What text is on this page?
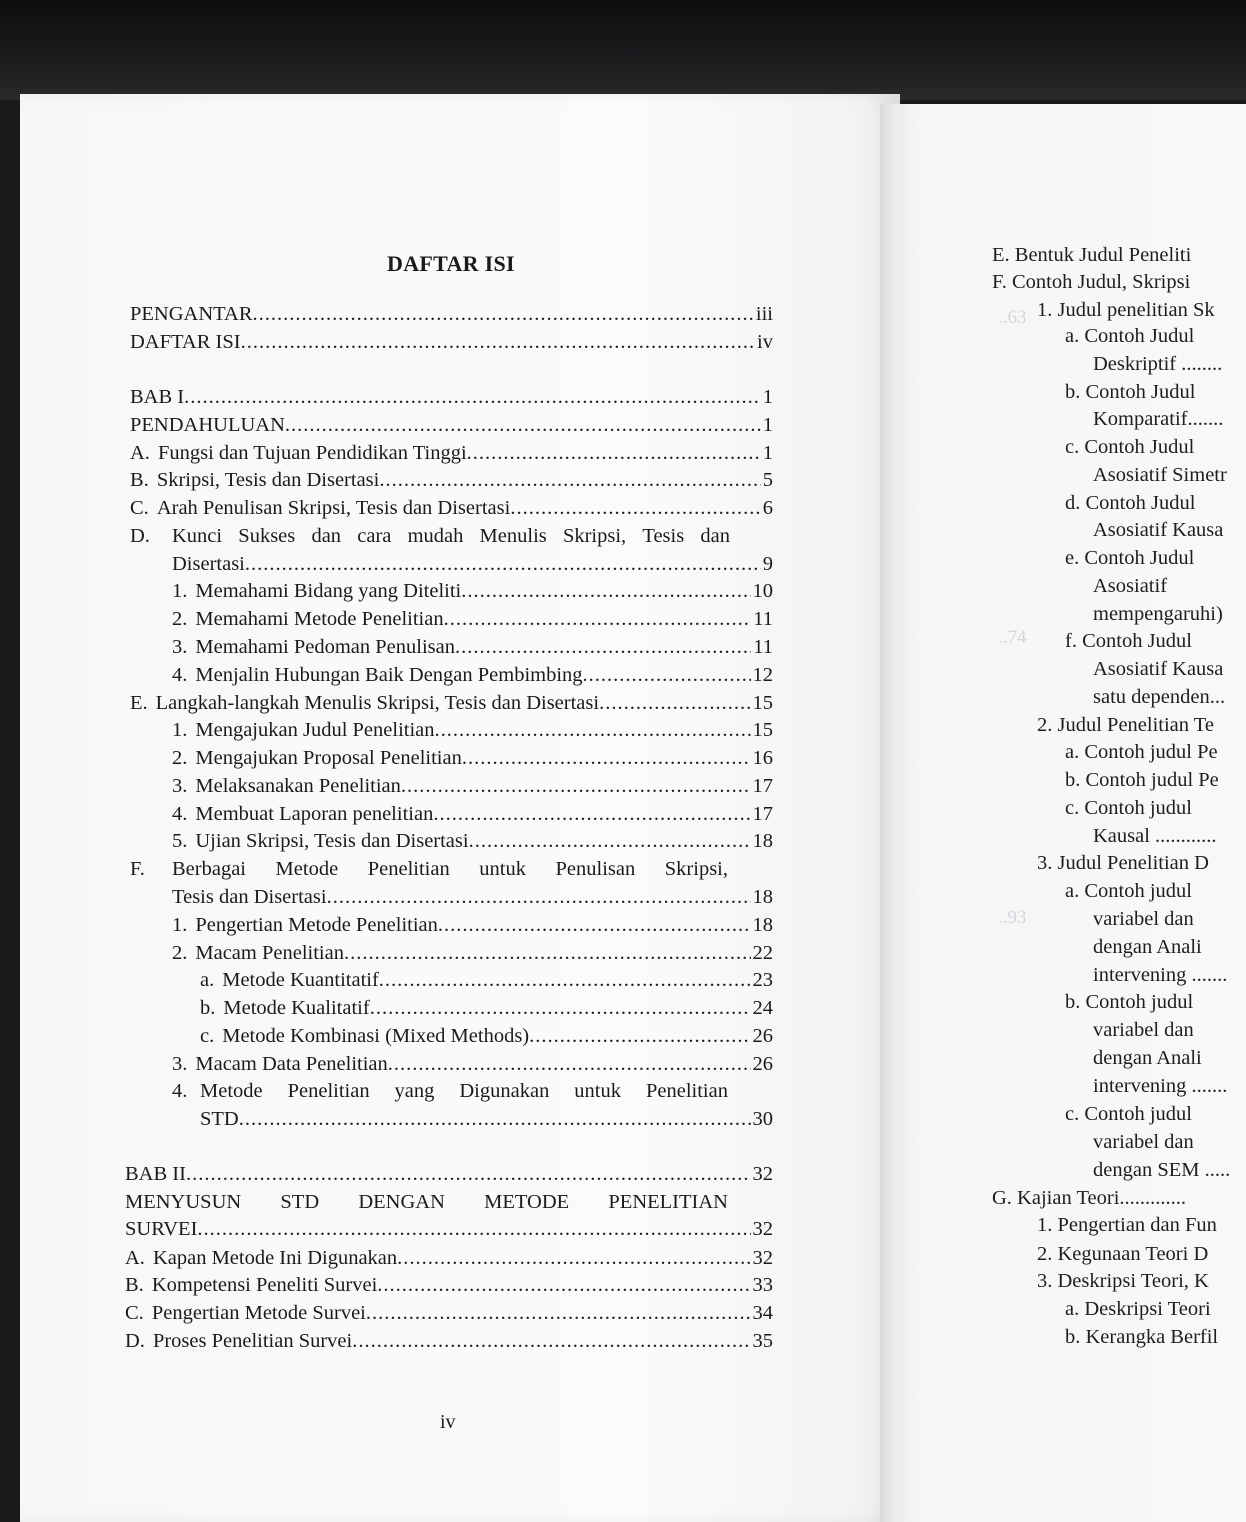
..63
..74
..93
DAFTAR ISI
PENGANTAR .....	iii
DAFTAR ISI .....	iv
BAB I .....	1
PENDAHULUAN .....	1
A. Fungsi dan Tujuan Pendidikan Tinggi .....	1
B. Skripsi, Tesis dan Disertasi .....	5
C. Arah Penulisan Skripsi, Tesis dan Disertasi .....	6
D.	Kunci Sukses dan cara mudah Menulis Skripsi, Tesis dan
Disertasi .....	9
1. Memahami Bidang yang Diteliti .....	10
2. Memahami Metode Penelitian .....	11
3. Memahami Pedoman Penulisan .....	11
4. Menjalin Hubungan Baik Dengan Pembimbing .....	12
E. Langkah-langkah Menulis Skripsi, Tesis dan Disertasi .....	15
1. Mengajukan Judul Penelitian .....	15
2. Mengajukan Proposal Penelitian .....	16
3. Melaksanakan Penelitian .....	17
4. Membuat Laporan penelitian .....	17
5. Ujian Skripsi, Tesis dan Disertasi .....	18
F.	Berbagai Metode Penelitian untuk Penulisan Skripsi,
Tesis dan Disertasi .....	18
1. Pengertian Metode Penelitian .....	18
2. Macam Penelitian .....	22
a. Metode Kuantitatif .....	23
b. Metode Kualitatif .....	24
c. Metode Kombinasi (Mixed Methods) .....	26
3. Macam Data Penelitian .....	26
4. Metode Penelitian yang Digunakan untuk Penelitian
STD .....	30
BAB II .....	32
MENYUSUN STD DENGAN METODE PENELITIAN
SURVEI .....	32
A. Kapan Metode Ini Digunakan .....	32
B. Kompetensi Peneliti Survei .....	33
C. Pengertian Metode Survei .....	34
D. Proses Penelitian Survei .....	35
iv
E. Bentuk Judul Peneliti
F. Contoh Judul, Skripsi
1. Judul penelitian Sk
a. Contoh Judul
Deskriptif ........
b. Contoh Judul
Komparatif.......
c. Contoh Judul
Asosiatif Simetr
d. Contoh Judul
Asosiatif Kausa
e. Contoh Judul
Asosiatif
mempengaruhi)
f. Contoh Judul
Asosiatif Kausa
satu dependen...
2. Judul Penelitian Te
a. Contoh judul Pe
b. Contoh judul Pe
c. Contoh judul
Kausal ............
3. Judul Penelitian D
a. Contoh judul
variabel dan
dengan Anali
intervening .......
b. Contoh judul
variabel dan
dengan Anali
intervening .......
c. Contoh judul
variabel dan
dengan SEM .....
G. Kajian Teori.............
1. Pengertian dan Fun
2. Kegunaan Teori D
3. Deskripsi Teori, K
a. Deskripsi Teori
b. Kerangka Berfil
